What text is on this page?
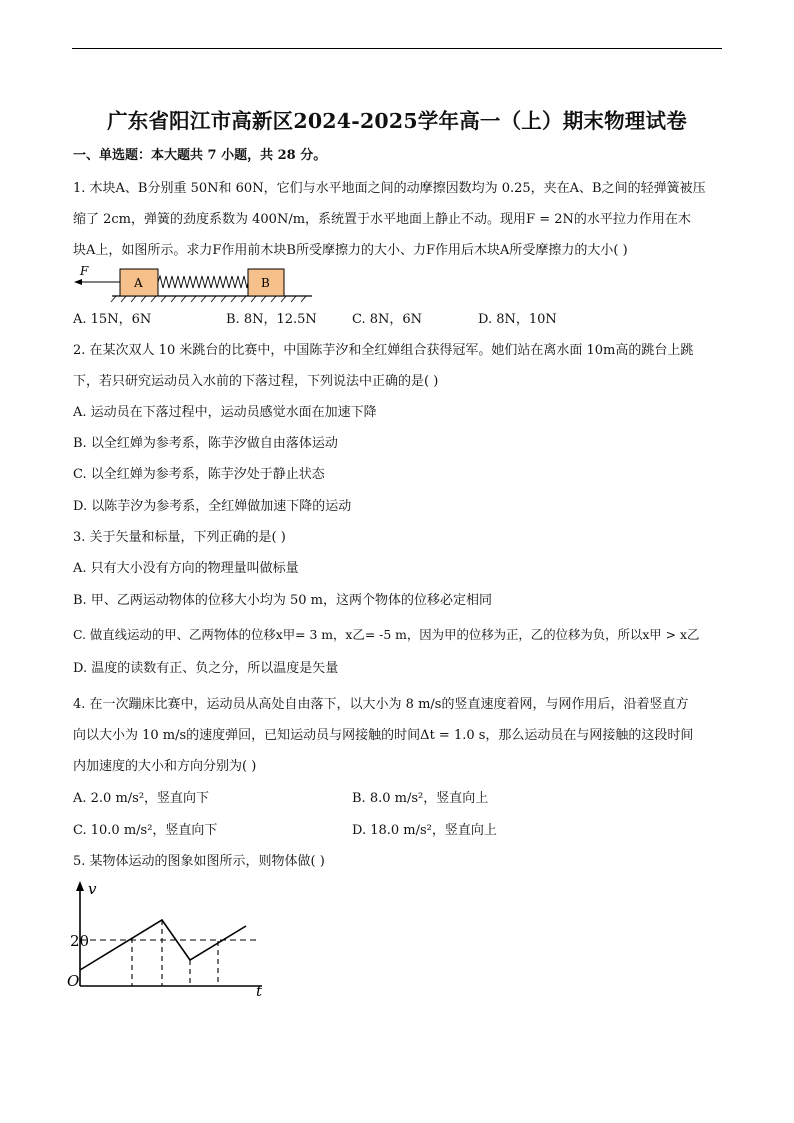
广东省阳江市高新区2024-2025学年高一（上）期末物理试卷
一、单选题：本大题共 7 小题，共 28 分。
1. 木块A、B分别重 50N和 60N，它们与水平地面之间的动摩擦因数均为 0.25，夹在A、B之间的轻弹簧被压
缩了 2cm，弹簧的劲度系数为 400N/m，系统置于水平地面上静止不动。现用F = 2N的水平拉力作用在木
块A上，如图所示。求力F作用前木块B所受摩擦力的大小、力F作用后木块A所受摩擦力的大小( )
F
A	B
A. 15N，6N	B. 8N，12.5N	C. 8N，6N	D. 8N，10N
2. 在某次双人 10 米跳台的比赛中，中国陈芋汐和全红婵组合获得冠军。她们站在离水面 10m高的跳台上跳
下，若只研究运动员入水前的下落过程，下列说法中正确的是( )
A. 运动员在下落过程中，运动员感觉水面在加速下降
B. 以全红婵为参考系，陈芋汐做自由落体运动
C. 以全红婵为参考系，陈芋汐处于静止状态
D. 以陈芋汐为参考系，全红婵做加速下降的运动
3. 关于矢量和标量，下列正确的是( )
A. 只有大小没有方向的物理量叫做标量
B. 甲、乙两运动物体的位移大小均为 50 m，这两个物体的位移必定相同
C. 做直线运动的甲、乙两物体的位移x甲= 3 m，x乙= -5 m，因为甲的位移为正，乙的位移为负，所以x甲 > x乙
D. 温度的读数有正、负之分，所以温度是矢量
4. 在一次蹦床比赛中，运动员从高处自由落下，以大小为 8 m/s的竖直速度着网，与网作用后，沿着竖直方
向以大小为 10 m/s的速度弹回，已知运动员与网接触的时间Δt = 1.0 s，那么运动员在与网接触的这段时间
内加速度的大小和方向分别为( )
A. 2.0 m/s²，竖直向下	B. 8.0 m/s²，竖直向上
C. 10.0 m/s²，竖直向下	D. 18.0 m/s²，竖直向上
5. 某物体运动的图象如图所示，则物体做( )
v
t
O
20
